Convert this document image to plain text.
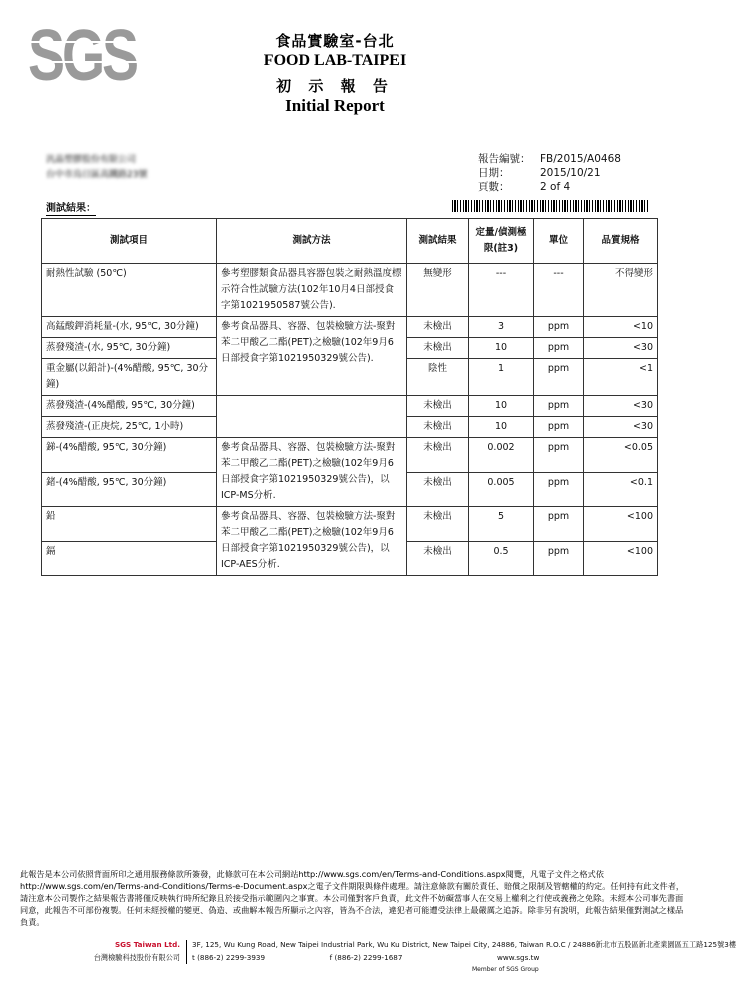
SGS	食品實驗室-台北
FOOD LAB-TAIPEI
初 示 報 告
Initial Report
汎晶塑膠股份有限公司
台中市烏日區高鐵路23號
報告編號： FB/2015/A0468
日期：	2015/10/21
頁數：	2 of 4
測試結果：
測試項目	測試方法	測試結果	定量/偵測極限(註3)	單位	品質規格
耐熱性試驗 (50℃)	參考塑膠類食品器具容器包裝之耐熱溫度標示符合性試驗方法(102年10月4日部授食字第1021950587號公告).	無變形	---	---	不得變形
高錳酸鉀消耗量-(水, 95℃, 30分鐘)	參考食品器具、容器、包裝檢驗方法-聚對苯二甲酸乙二酯(PET)之檢驗(102年9月6日部授食字第1021950329號公告).	未檢出	3	ppm	<10
蒸發殘渣-(水, 95℃, 30分鐘)		未檢出	10	ppm	<30
重金屬(以鉛計)-(4%醋酸, 95℃, 30分鐘)		陰性	1	ppm	<1
蒸發殘渣-(4%醋酸, 95℃, 30分鐘)		未檢出	10	ppm	<30
蒸發殘渣-(正庚烷, 25℃, 1小時)		未檢出	10	ppm	<30
銻-(4%醋酸, 95℃, 30分鐘)	參考食品器具、容器、包裝檢驗方法-聚對苯二甲酸乙二酯(PET)之檢驗(102年9月6日部授食字第1021950329號公告)，以ICP-MS分析.	未檢出	0.002	ppm	<0.05
鍺-(4%醋酸, 95℃, 30分鐘)		未檢出	0.005	ppm	<0.1
鉛	參考食品器具、容器、包裝檢驗方法-聚對苯二甲酸乙二酯(PET)之檢驗(102年9月6日部授食字第1021950329號公告)，以ICP-AES分析.	未檢出	5	ppm	<100
鎘		未檢出	0.5	ppm	<100
此報告是本公司依照背面所印之通用服務條款所簽發，此條款可在本公司網站http://www.sgs.com/en/Terms-and-Conditions.aspx閱覽，凡電子文件之格式依http://www.sgs.com/en/Terms-and-Conditions/Terms-e-Document.aspx之電子文件期限與條件處理。請注意條款有關於責任、賠償之限制及管轄權的約定。任何持有此文件者，請注意本公司製作之結果報告書將僅反映執行時所紀錄且於接受指示範圍內之事實。本公司僅對客戶負責，此文件不妨礙當事人在交易上權利之行使或義務之免除。未經本公司事先書面同意，此報告不可部份複製。任何未經授權的變更、偽造、或曲解本報告所顯示之內容，皆為不合法，違犯者可能遭受法律上最嚴厲之追訴。除非另有說明，此報告結果僅對測試之樣品負責。
SGS Taiwan Ltd.
台灣檢驗科技股份有限公司
3F, 125, Wu Kung Road, New Taipei Industrial Park, Wu Ku District, New Taipei City, 24886, Taiwan R.O.C / 24886新北市五股區新北產業園區五工路125號3樓
t (886-2) 2299-3939	f (886-2) 2299-1687	www.sgs.tw
Member of SGS Group
